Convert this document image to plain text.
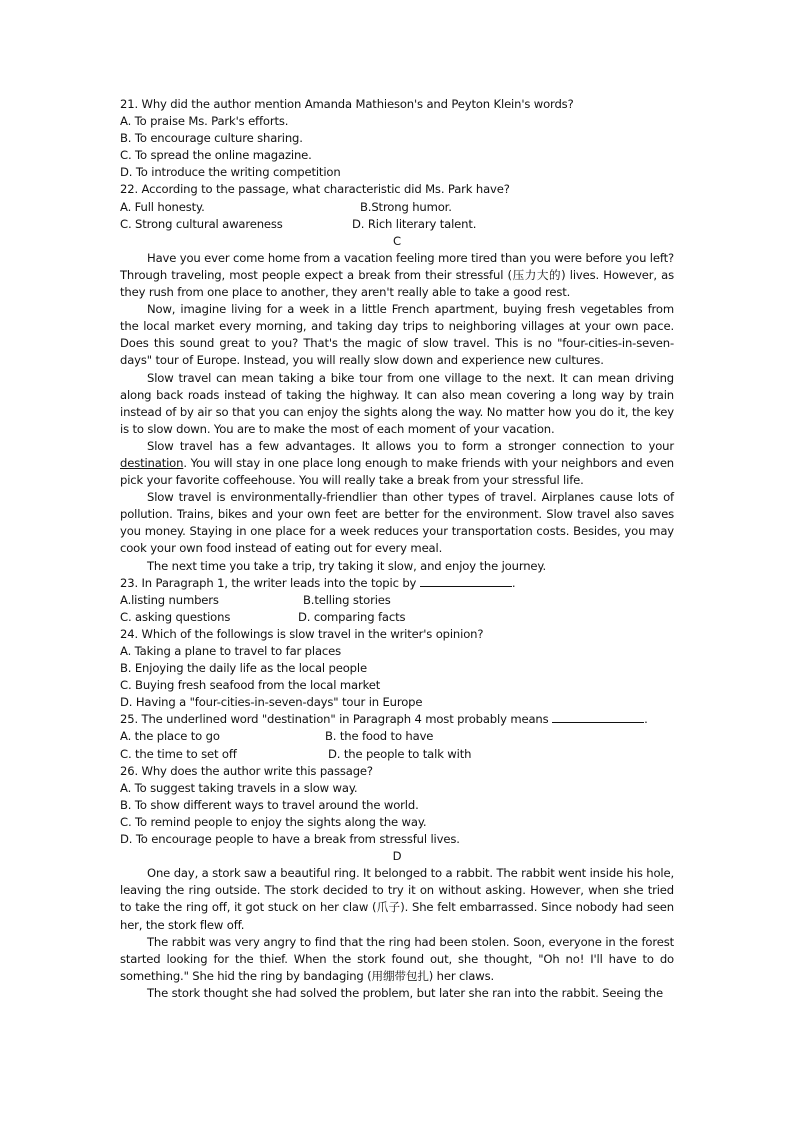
21. Why did the author mention Amanda Mathieson's and Peyton Klein's words?
A. To praise Ms. Park's efforts.
B. To encourage culture sharing.
C. To spread the online magazine.
D. To introduce the writing competition
22. According to the passage, what characteristic did Ms. Park have?
A. Full honesty.	B.Strong humor.
C. Strong cultural awareness	D. Rich literary talent.
C
Have you ever come home from a vacation feeling more tired than you were before you left? Through traveling, most people expect a break from their stressful (压力大的) lives. However, as they rush from one place to another, they aren't really able to take a good rest.
Now, imagine living for a week in a little French apartment, buying fresh vegetables from the local market every morning, and taking day trips to neighboring villages at your own pace. Does this sound great to you? That's the magic of slow travel. This is no "four-cities-in-seven-days" tour of Europe. Instead, you will really slow down and experience new cultures.
Slow travel can mean taking a bike tour from one village to the next. It can mean driving along back roads instead of taking the highway. It can also mean covering a long way by train instead of by air so that you can enjoy the sights along the way. No matter how you do it, the key is to slow down. You are to make the most of each moment of your vacation.
Slow travel has a few advantages. It allows you to form a stronger connection to your destination. You will stay in one place long enough to make friends with your neighbors and even pick your favorite coffeehouse. You will really take a break from your stressful life.
Slow travel is environmentally-friendlier than other types of travel. Airplanes cause lots of pollution. Trains, bikes and your own feet are better for the environment. Slow travel also saves you money. Staying in one place for a week reduces your transportation costs. Besides, you may cook your own food instead of eating out for every meal.
The next time you take a trip, try taking it slow, and enjoy the journey.
23. In Paragraph 1, the writer leads into the topic by	.
A.listing numbers	B.telling stories
C. asking questions	D. comparing facts
24. Which of the followings is slow travel in the writer's opinion?
A. Taking a plane to travel to far places
B. Enjoying the daily life as the local people
C. Buying fresh seafood from the local market
D. Having a "four-cities-in-seven-days" tour in Europe
25. The underlined word "destination" in Paragraph 4 most probably means	.
A. the place to go	B. the food to have
C. the time to set off	D. the people to talk with
26. Why does the author write this passage?
A. To suggest taking travels in a slow way.
B. To show different ways to travel around the world.
C. To remind people to enjoy the sights along the way.
D. To encourage people to have a break from stressful lives.
D
One day, a stork saw a beautiful ring. It belonged to a rabbit. The rabbit went inside his hole, leaving the ring outside. The stork decided to try it on without asking. However, when she tried to take the ring off, it got stuck on her claw (爪子). She felt embarrassed. Since nobody had seen her, the stork flew off.
The rabbit was very angry to find that the ring had been stolen. Soon, everyone in the forest started looking for the thief. When the stork found out, she thought, "Oh no! I'll have to do something." She hid the ring by bandaging (用绷带包扎) her claws.
The stork thought she had solved the problem, but later she ran into the rabbit. Seeing the
